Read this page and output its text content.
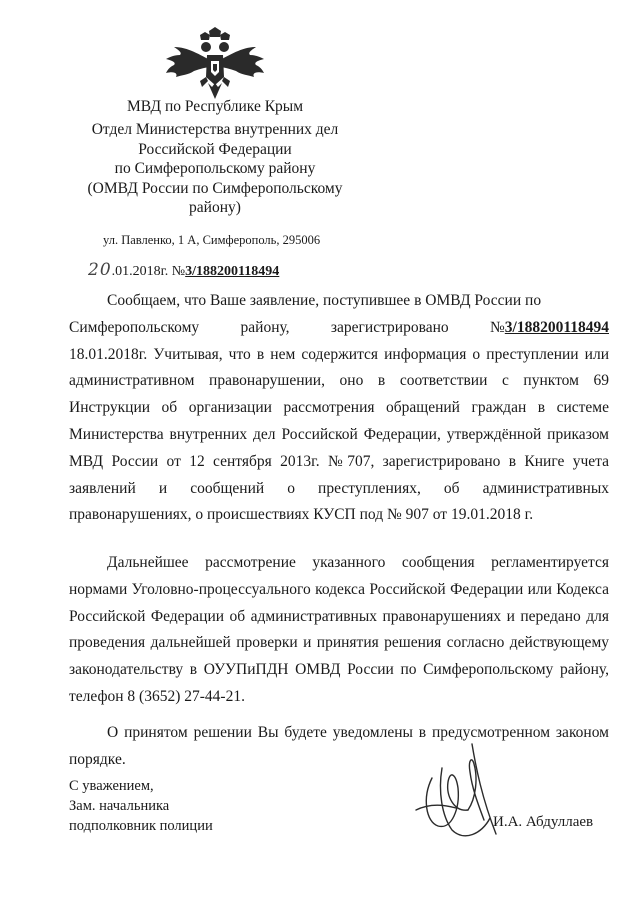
МВД по Республике Крым
Отдел Министерства внутренних дел
Российской Федерации
по Симферопольскому району
(ОМВД России по Симферопольскому
району)
ул. Павленко, 1 А, Симферополь, 295006
20.01.2018г. №3/188200118494

Сообщаем, что Ваше заявление, поступившее в ОМВД России по

Симферопольскому	району,	зарегистрировано	№3/188200118494
18.01.2018г. Учитывая, что в нем содержится информация о преступлении или административном правонарушении, оно в соответствии с пунктом 69 Инструкции об организации рассмотрения обращений граждан в системе Министерства внутренних дел Российской Федерации, утверждённой приказом МВД России от 12 сентября 2013г. №707, зарегистрировано в Книге учета заявлений и сообщений о преступлениях, об административных правонарушениях, о происшествиях КУСП под № 907 от 19.01.2018 г.

Дальнейшее рассмотрение указанного сообщения регламентируется нормами Уголовно-процессуального кодекса Российской Федерации или Кодекса Российской Федерации об административных правонарушениях и передано для проведения дальнейшей проверки и принятия решения согласно действующему законодательству в ОУУПиПДН ОМВД России по Симферопольскому району, телефон 8 (3652) 27-44-21.

О принятом решении Вы будете уведомлены в предусмотренном законом порядке.

С уважением,
Зам. начальника
подполковник полиции	И.А. Абдуллаев
